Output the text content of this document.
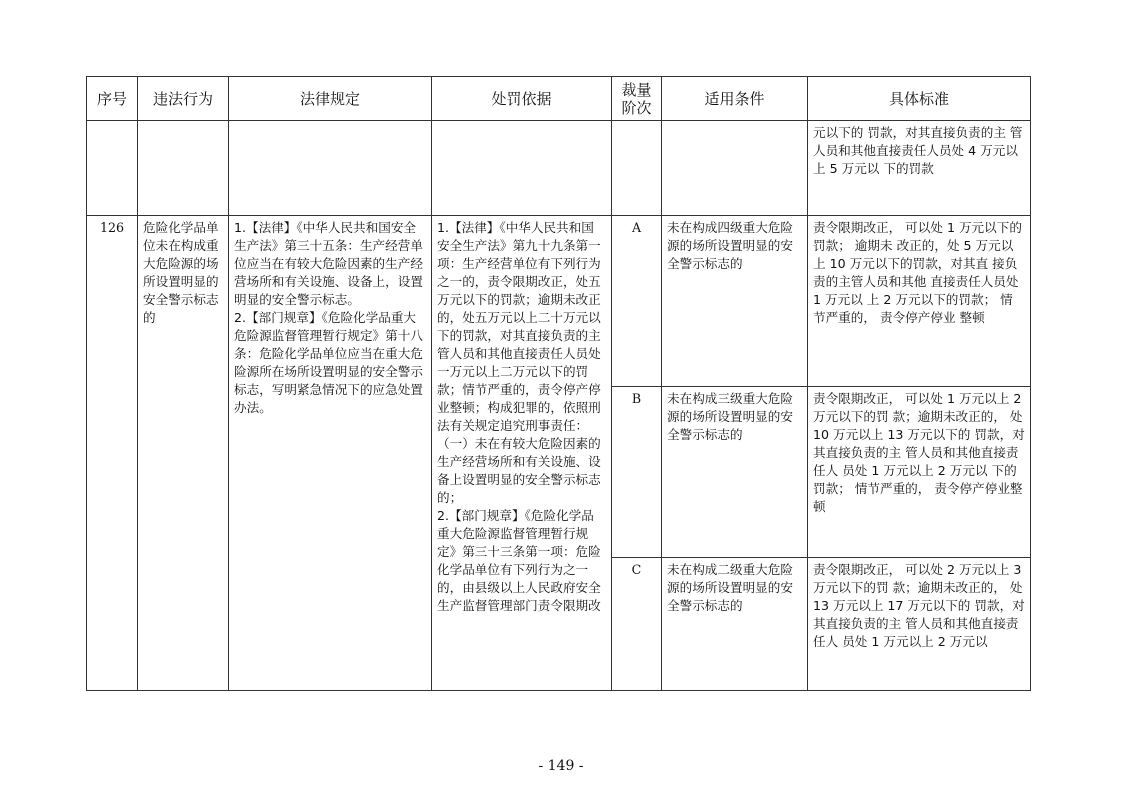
序号	违法行为	法律规定	处罚依据	裁量阶次	适用条件	具体标准
						元以下的 罚款，对其直接负责的主 管人员和其他直接责任人员处 4 万元以上 5 万元以 下的罚款
126	危险化学品单位未在构成重大危险源的场所设置明显的安全警示标志的	1.【法律】《中华人民共和国安全生产法》第三十五条：生产经营单位应当在有较大危险因素的生产经营场所和有关设施、设备上，设置明显的安全警示标志。
2.【部门规章】《危险化学品重大危险源监督管理暂行规定》第十八条：危险化学品单位应当在重大危险源所在场所设置明显的安全警示标志，写明紧急情况下的应急处置办法。	1.【法律】《中华人民共和国安全生产法》第九十九条第一项：生产经营单位有下列行为之一的，责令限期改正，处五万元以下的罚款；逾期未改正的，处五万元以上二十万元以下的罚款，对其直接负责的主管人员和其他直接责任人员处一万元以上二万元以下的罚款；情节严重的，责令停产停业整顿；构成犯罪的，依照刑法有关规定追究刑事责任：
（一）未在有较大危险因素的生产经营场所和有关设施、设备上设置明显的安全警示标志的；
2.【部门规章】《危险化学品重大危险源监督管理暂行规定》第三十三条第一项：危险化学品单位有下列行为之一的，由县级以上人民政府安全生产监督管理部门责令限期改	A	未在构成四级重大危险源的场所设置明显的安全警示标志的	责令限期改正， 可以处 1 万元以下的罚款； 逾期未 改正的，处 5 万元以上 10 万元以下的罚款，对其直 接负责的主管人员和其他 直接责任人员处 1 万元以 上 2 万元以下的罚款； 情 节严重的， 责令停产停业 整顿
				B	未在构成三级重大危险源的场所设置明显的安全警示标志的	责令限期改正， 可以处 1 万元以上 2 万元以下的罚 款；逾期未改正的， 处 10 万元以上 13 万元以下的 罚款，对其直接负责的主 管人员和其他直接责任人 员处 1 万元以上 2 万元以 下的罚款； 情节严重的， 责令停产停业整顿
				C	未在构成二级重大危险源的场所设置明显的安全警示标志的	责令限期改正， 可以处 2 万元以上 3 万元以下的罚 款；逾期未改正的， 处 13 万元以上 17 万元以下的 罚款，对其直接负责的主 管人员和其他直接责任人 员处 1 万元以上 2 万元以
- 149 -
